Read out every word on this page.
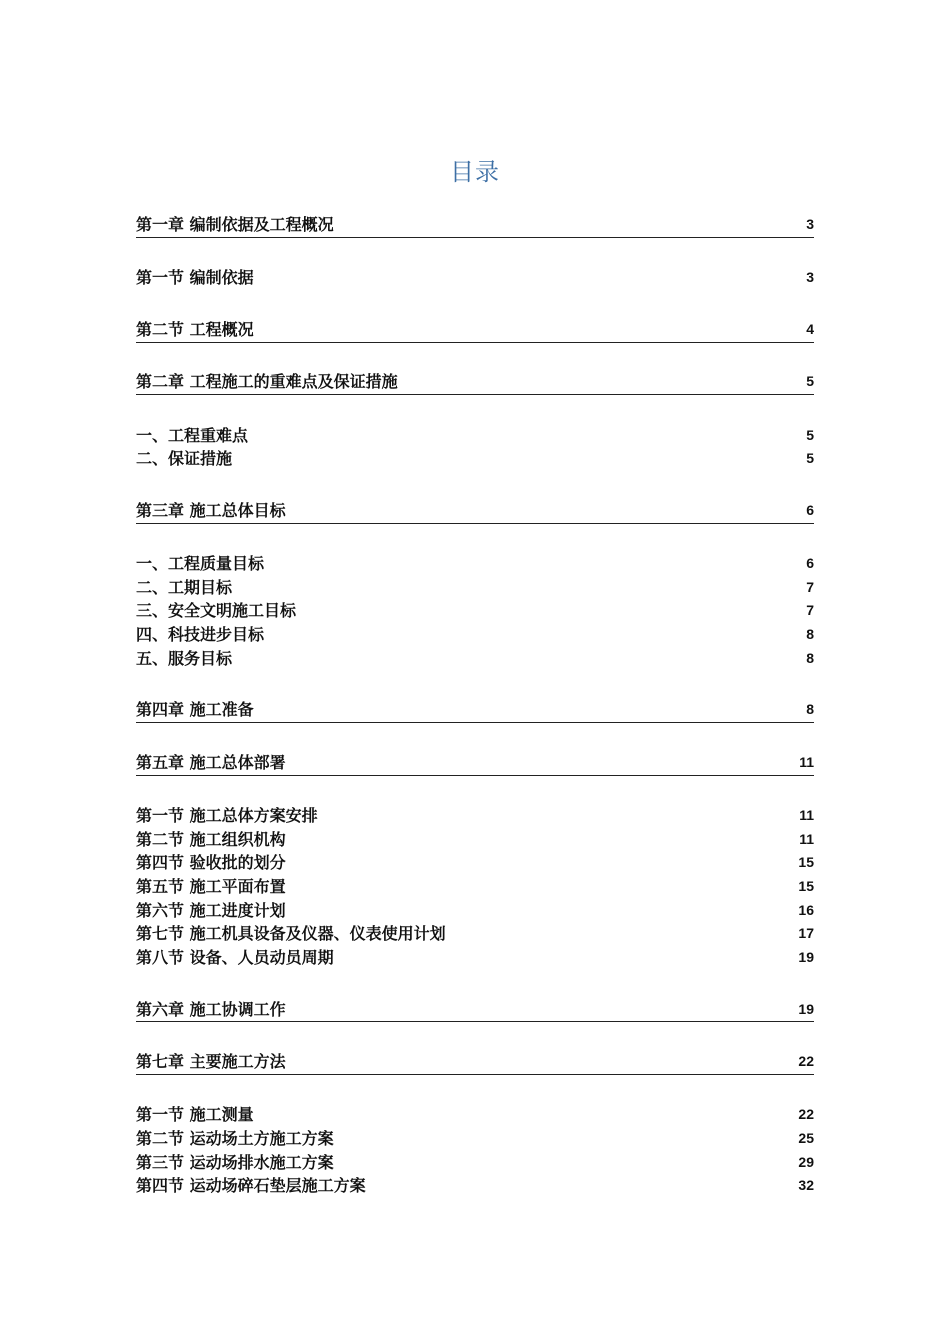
目录
第一章 编制依据及工程概况	3
第一节 编制依据	3
第二节 工程概况	4
第二章 工程施工的重难点及保证措施	5
一、工程重难点	5
二、保证措施	5
第三章 施工总体目标	6
一、工程质量目标	6
二、工期目标	7
三、安全文明施工目标	7
四、科技进步目标	8
五、服务目标	8
第四章 施工准备	8
第五章 施工总体部署	11
第一节 施工总体方案安排	11
第二节 施工组织机构	11
第四节 验收批的划分	15
第五节 施工平面布置	15
第六节 施工进度计划	16
第七节 施工机具设备及仪器、仪表使用计划	17
第八节 设备、人员动员周期	19
第六章 施工协调工作	19
第七章 主要施工方法	22
第一节 施工测量	22
第二节 运动场土方施工方案	25
第三节 运动场排水施工方案	29
第四节 运动场碎石垫层施工方案	32
